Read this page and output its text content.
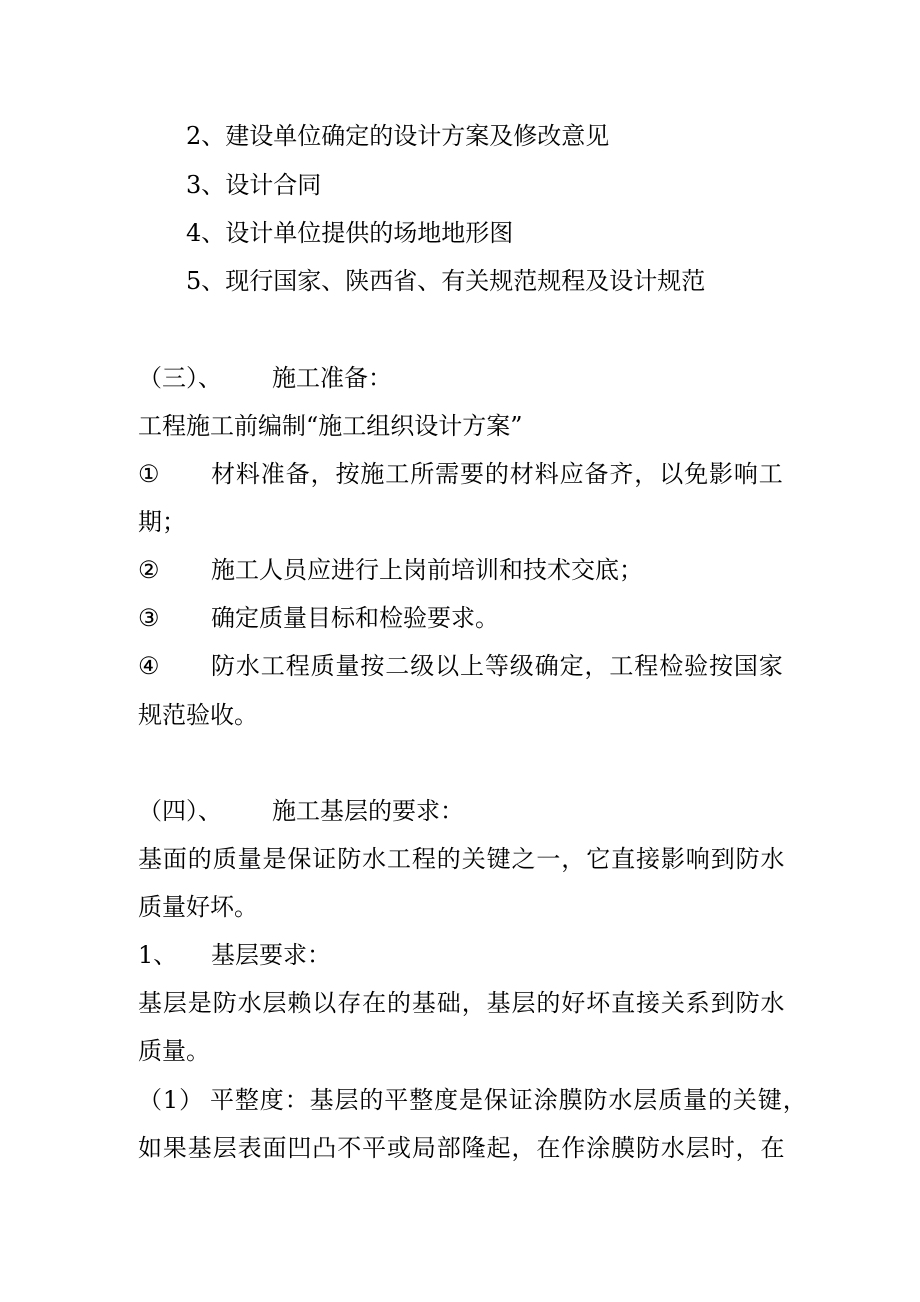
2、建设单位确定的设计方案及修改意见
3、设计合同
4、设计单位提供的场地地形图
5、现行国家、陕西省、有关规范规程及设计规范
（三）、 施工准备：
工程施工前编制“施工组织设计方案”
① 材料准备，按施工所需要的材料应备齐，以免影响工
期；
② 施工人员应进行上岗前培训和技术交底；
③ 确定质量目标和检验要求。
④ 防水工程质量按二级以上等级确定，工程检验按国家
规范验收。
（四）、 施工基层的要求：
基面的质量是保证防水工程的关键之一，它直接影响到防水
质量好坏。
1、 基层要求：
基层是防水层赖以存在的基础，基层的好坏直接关系到防水
质量。
（1） 平整度：基层的平整度是保证涂膜防水层质量的关键，
如果基层表面凹凸不平或局部隆起，在作涂膜防水层时，在
